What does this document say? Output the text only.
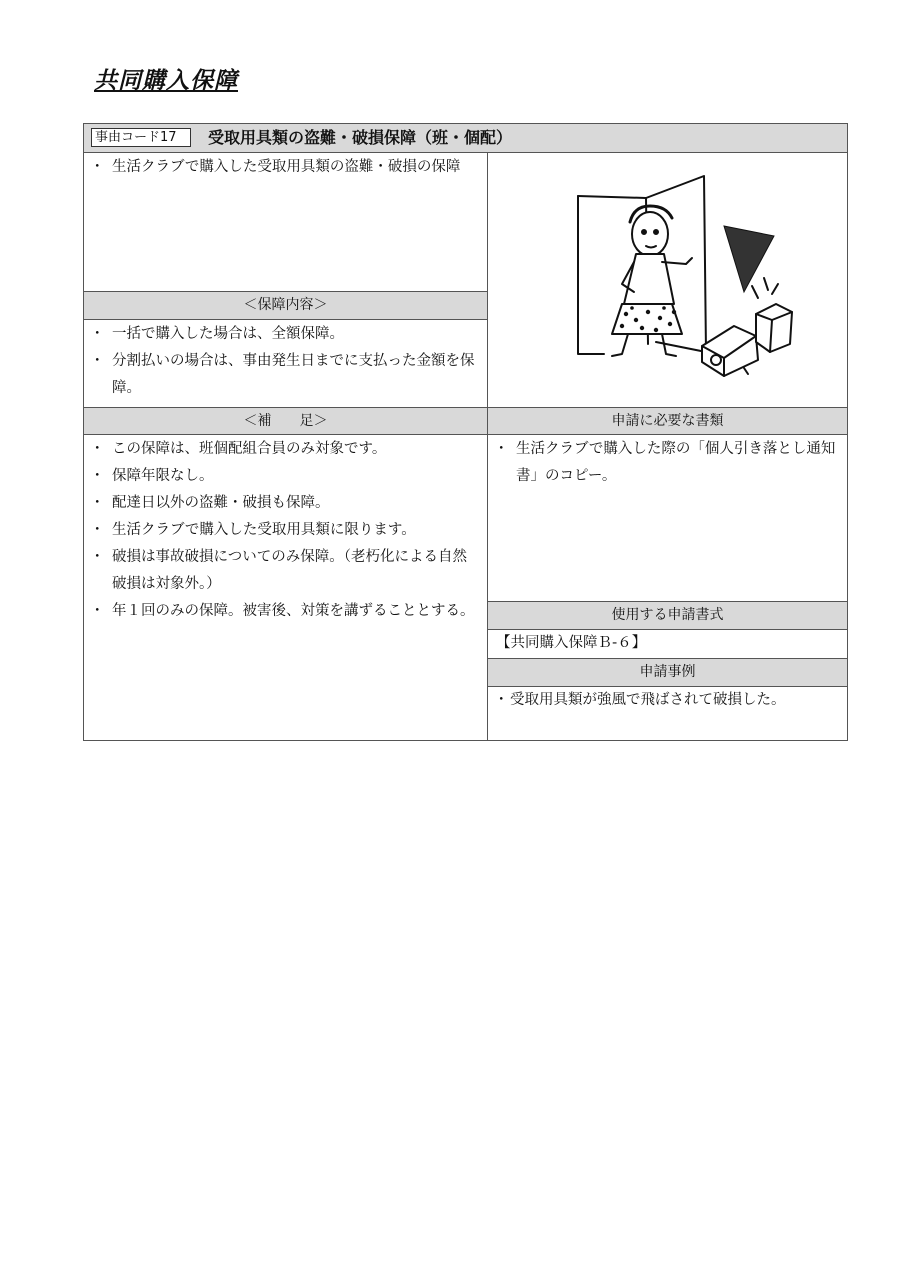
共同購入保障
事由コード17	受取用具類の盗難・破損保障（班・個配）
・ 生活クラブで購入した受取用具類の盗難・破損の保障
＜保障内容＞
・ 一括で購入した場合は、全額保障。
・ 分割払いの場合は、事由発生日までに支払った金額を保障。
＜補　　足＞	申請に必要な書類
・ この保障は、班個配組合員のみ対象です。
・ 保障年限なし。
・ 配達日以外の盗難・破損も保障。
・ 生活クラブで購入した受取用具類に限ります。
・ 破損は事故破損についてのみ保障。（老朽化による自然破損は対象外。）
・ 年１回のみの保障。被害後、対策を講ずることとする。
・ 生活クラブで購入した際の「個人引き落とし通知書」のコピー。
使用する申請書式
【共同購入保障Ｂ-６】
申請事例
・ 受取用具類が強風で飛ばされて破損した。
